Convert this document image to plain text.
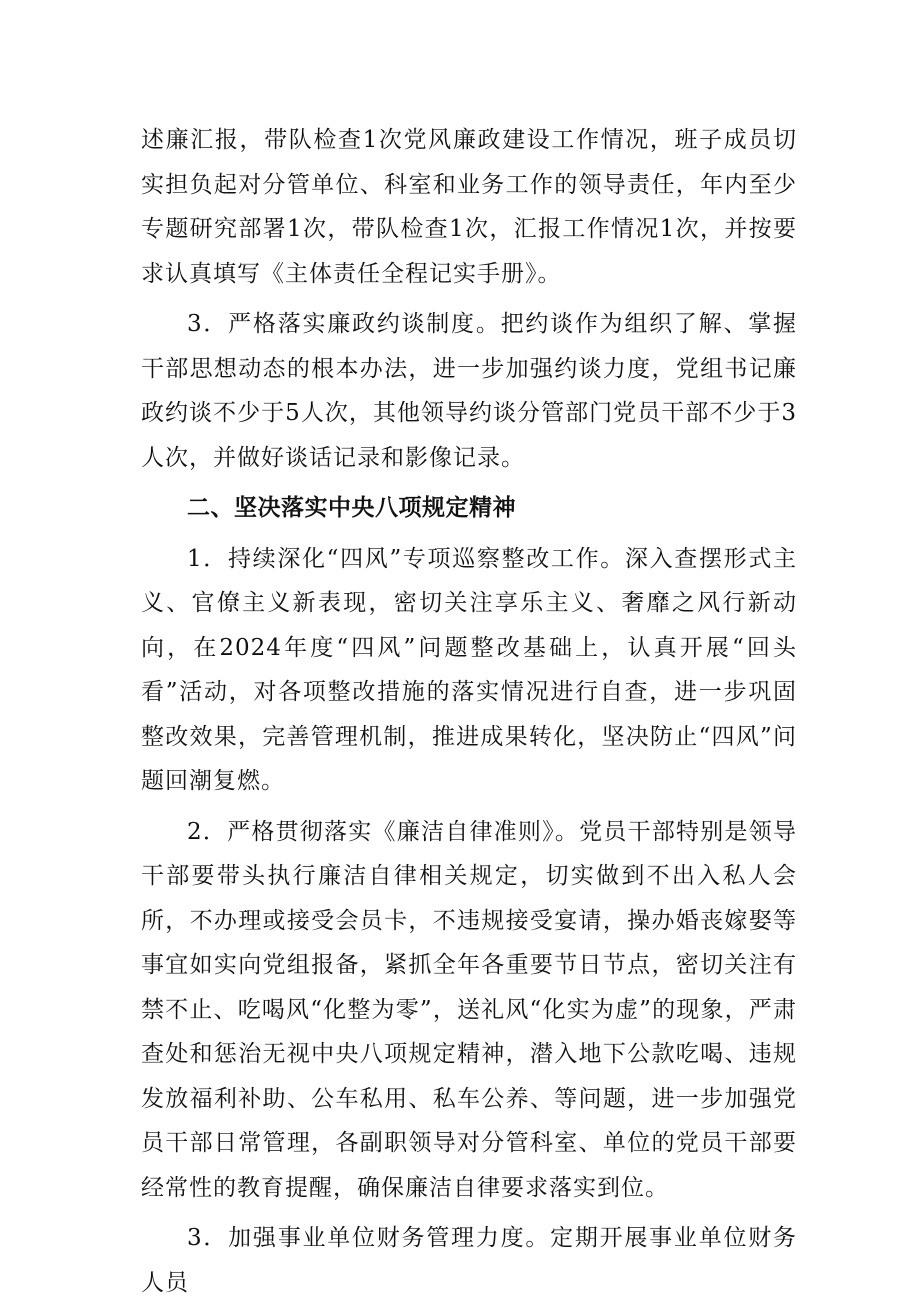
述廉汇报，带队检查1次党风廉政建设工作情况，班子成员切实担负起对分管单位、科室和业务工作的领导责任，年内至少专题研究部署1次，带队检查1次，汇报工作情况1次，并按要求认真填写《主体责任全程记实手册》。

3．严格落实廉政约谈制度。把约谈作为组织了解、掌握干部思想动态的根本办法，进一步加强约谈力度，党组书记廉政约谈不少于5人次，其他领导约谈分管部门党员干部不少于3人次，并做好谈话记录和影像记录。

二、坚决落实中央八项规定精神

1．持续深化“四风”专项巡察整改工作。深入查摆形式主义、官僚主义新表现，密切关注享乐主义、奢靡之风行新动向，在2024年度“四风”问题整改基础上，认真开展“回头看”活动，对各项整改措施的落实情况进行自查，进一步巩固整改效果，完善管理机制，推进成果转化，坚决防止“四风”问题回潮复燃。

2．严格贯彻落实《廉洁自律准则》。党员干部特别是领导干部要带头执行廉洁自律相关规定，切实做到不出入私人会所，不办理或接受会员卡，不违规接受宴请，操办婚丧嫁娶等事宜如实向党组报备，紧抓全年各重要节日节点，密切关注有禁不止、吃喝风“化整为零”，送礼风“化实为虚”的现象，严肃查处和惩治无视中央八项规定精神，潜入地下公款吃喝、违规发放福利补助、公车私用、私车公养、等问题，进一步加强党员干部日常管理，各副职领导对分管科室、单位的党员干部要经常性的教育提醒，确保廉洁自律要求落实到位。

3．加强事业单位财务管理力度。定期开展事业单位财务人员
